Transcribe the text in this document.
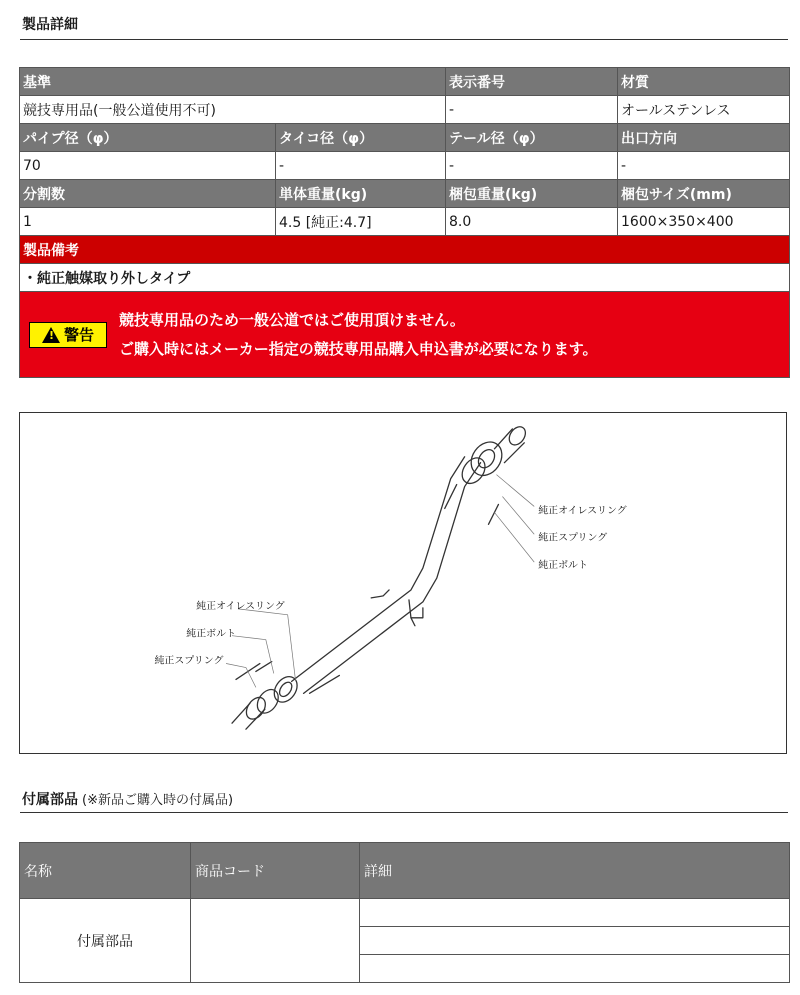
製品詳細
基準		表示番号	材質
競技専用品(一般公道使用不可)		-	オールステンレス
パイプ径（φ）	タイコ径（φ）	テール径（φ）	出口方向
70	-	-	-
分割数	単体重量(kg)	梱包重量(kg)	梱包サイズ(mm)
1	4.5 [純正:4.7]	8.0	1600×350×400
製品備考			
・純正触媒取り外しタイプ			

! 警告
競技専用品のため一般公道ではご使用頂けません。
ご購入時にはメーカー指定の競技専用品購入申込書が必要になります。			
純正オイレスリング
純正スプリング
純正ボルト
純正オイレスリング
純正ボルト
純正スプリング
付属部品 (※新品ご購入時の付属品)
名称	商品コード	詳細
付属部品		
